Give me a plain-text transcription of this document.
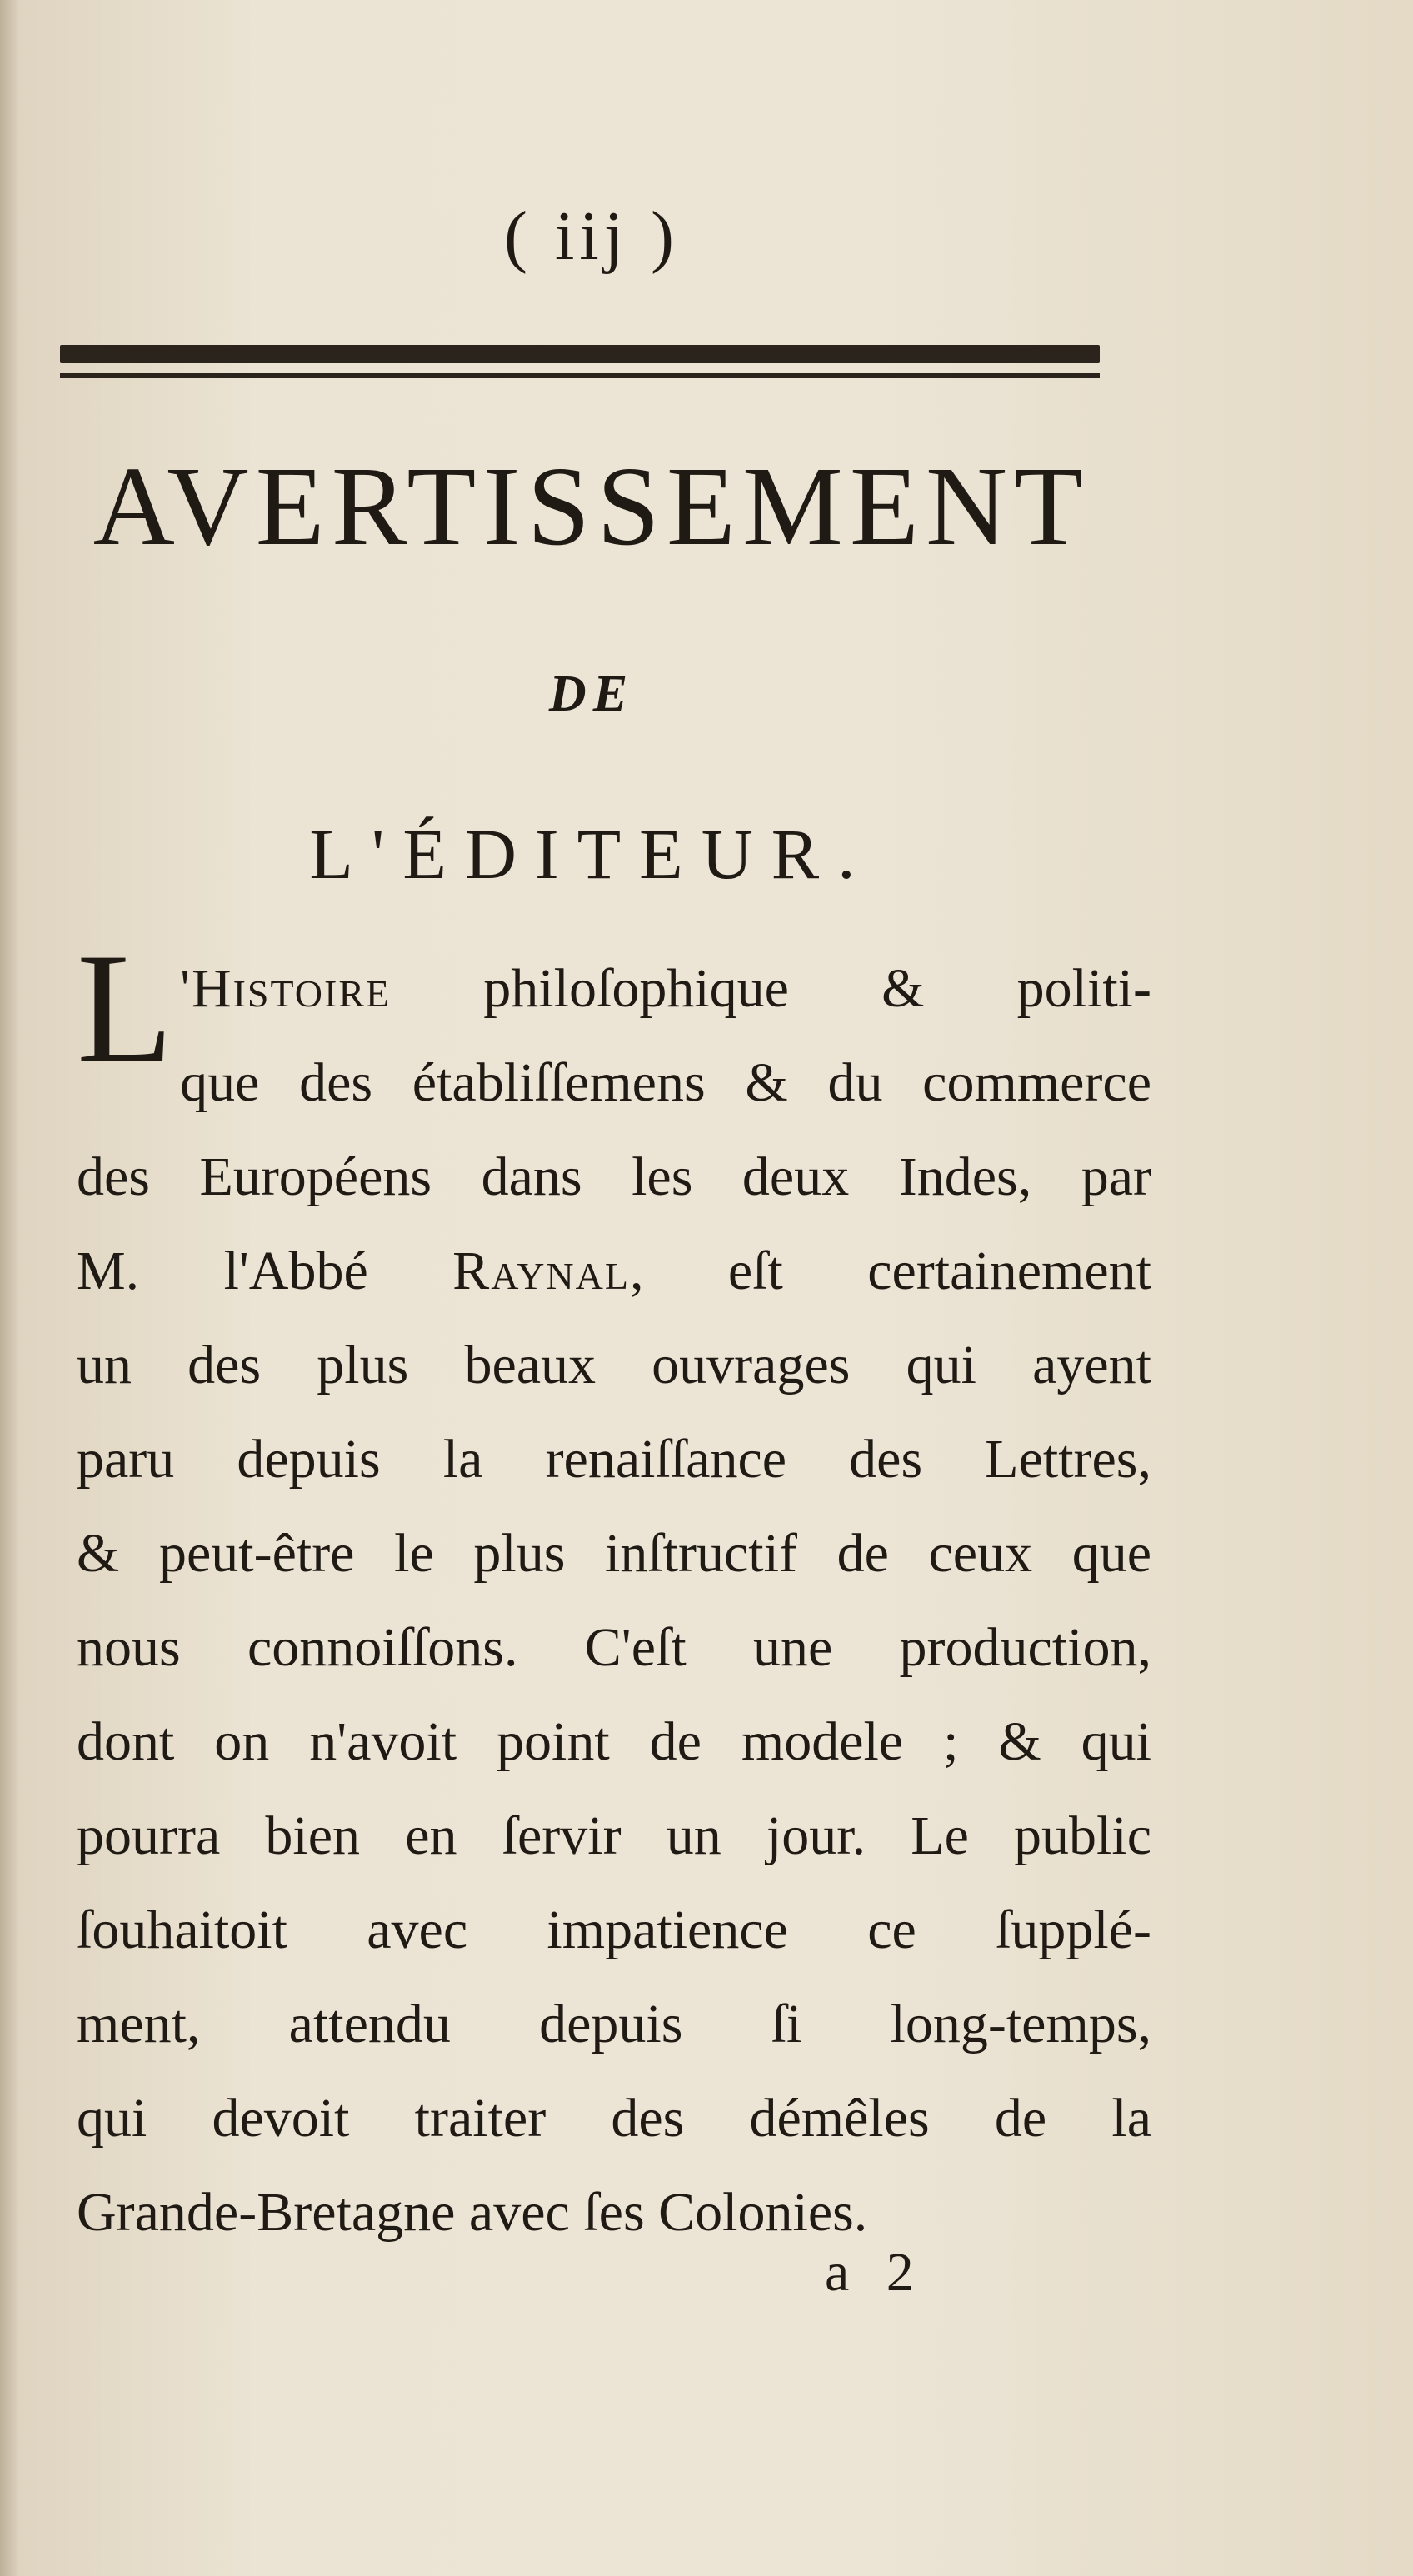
( iij )
AVERTISSEMENT
DE
L'ÉDITEUR.
L 'Histoire philoſophique & politi-
que des établiſſemens & du commerce
des Européens dans les deux Indes, par
M. l'Abbé Raynal, eſt certainement
un des plus beaux ouvrages qui ayent
paru depuis la renaiſſance des Lettres,
& peut-être le plus inſtructif de ceux que
nous connoiſſons. C'eſt une production,
dont on n'avoit point de modele ; & qui
pourra bien en ſervir un jour. Le public
ſouhaitoit avec impatience ce ſupplé-
ment, attendu depuis ſi long-temps,
qui devoit traiter des démêles de la
Grande-Bretagne avec ſes Colonies.
a 2
